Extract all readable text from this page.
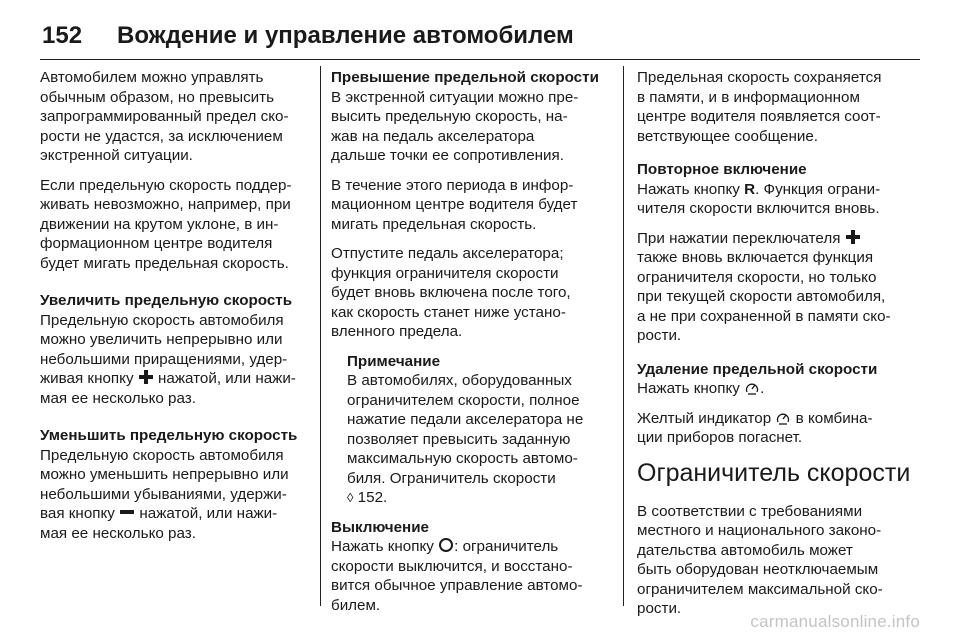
152 Вождение и управление автомобилем

Автомобилем можно управлять
обычным образом, но превысить
запрограммированный предел ско-
рости не удастся, за исключением
экстренной ситуации.

Если предельную скорость поддер-
живать невозможно, например, при
движении на крутом уклоне, в ин-
формационном центре водителя
будет мигать предельная скорость.

Увеличить предельную скорость

Предельную скорость автомобиля
можно увеличить непрерывно или
небольшими приращениями, удер-
живая кнопку нажатой, или нажи-
мая ее несколько раз.

Уменьшить предельную скорость

Предельную скорость автомобиля
можно уменьшить непрерывно или
небольшими убываниями, удержи-
вая кнопку нажатой, или нажи-
мая ее несколько раз.

Превышение предельной скорости

В экстренной ситуации можно пре-
высить предельную скорость, на-
жав на педаль акселератора
дальше точки ее сопротивления.

В течение этого периода в инфор-
мационном центре водителя будет
мигать предельная скорость.

Отпустите педаль акселератора;
функция ограничителя скорости
будет вновь включена после того,
как скорость станет ниже устано-
вленного предела.

Примечание

В автомобилях, оборудованных
ограничителем скорости, полное
нажатие педали акселератора не
позволяет превысить заданную
максимальную скорость автомо-
биля. Ограничитель скорости
◊ 152.

Выключение

Нажать кнопку : ограничитель
скорости выключится, и восстано-
вится обычное управление автомо-
билем.

Предельная скорость сохраняется
в памяти, и в информационном
центре водителя появляется соот-
ветствующее сообщение.

Повторное включение

Нажать кнопку R. Функция ограни-
чителя скорости включится вновь.

При нажатии переключателя
также вновь включается функция
ограничителя скорости, но только
при текущей скорости автомобиля,
а не при сохраненной в памяти ско-
рости.

Удаление предельной скорости

Нажать кнопку .

Желтый индикатор в комбина-
ции приборов погаснет.

Ограничитель скорости

В соответствии с требованиями
местного и национального законо-
дательства автомобиль может
быть оборудован неотключаемым
ограничителем максимальной ско-
рости.

carmanualsonline.info
